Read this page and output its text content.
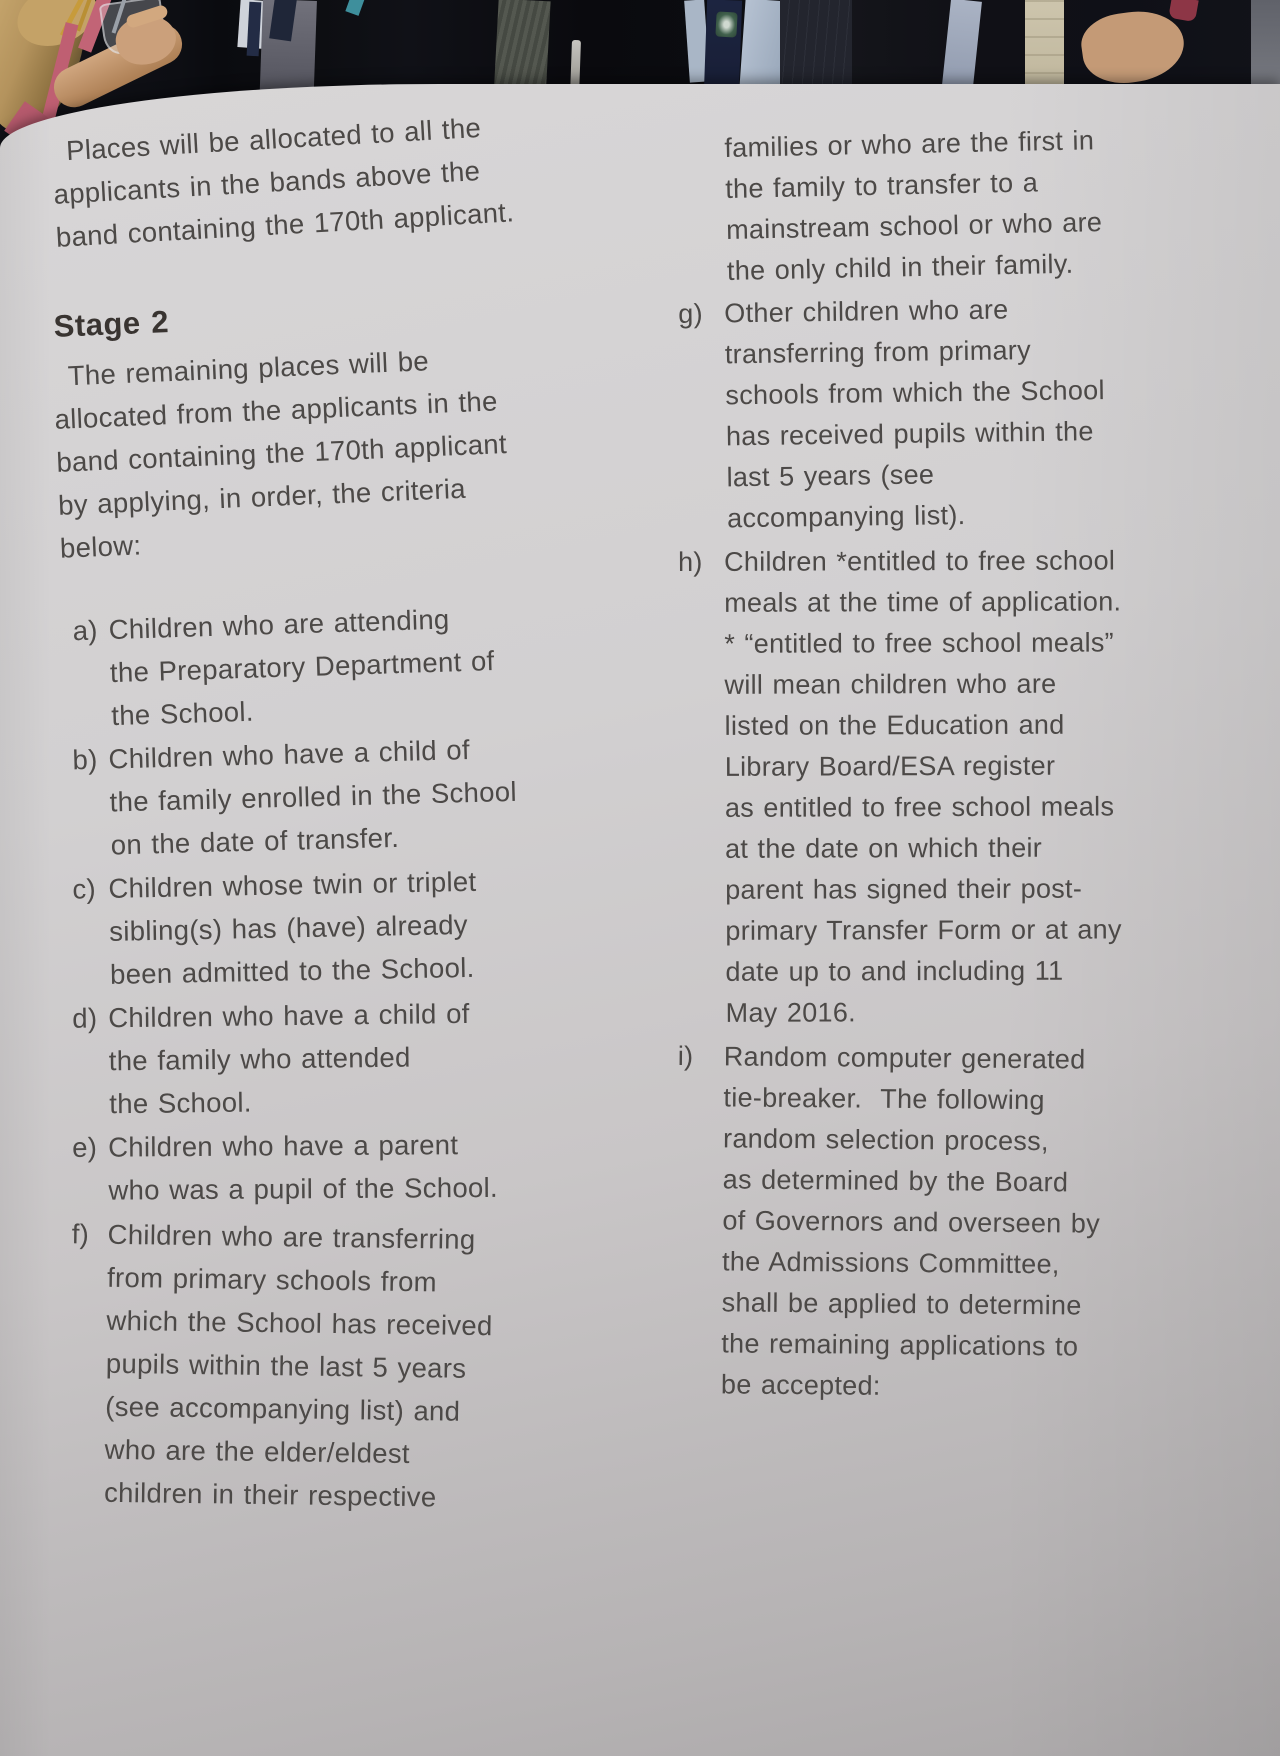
Places will be allocated to all the
applicants in the bands above the
band containing the 170th applicant.
Stage 2
The remaining places will be
allocated from the applicants in the
band containing the 170th applicant
by applying, in order, the criteria
below:
a) Children who are attending
the Preparatory Department of
the School.
b) Children who have a child of
the family enrolled in the School
on the date of transfer.
c) Children whose twin or triplet
sibling(s) has (have) already
been admitted to the School.
d) Children who have a child of
the family who attended
the School.
e) Children who have a parent
who was a pupil of the School.
f) Children who are transferring
from primary schools from
which the School has received
pupils within the last 5 years
(see accompanying list) and
who are the elder/eldest
children in their respective
families or who are the first in
the family to transfer to a
mainstream school or who are
the only child in their family.
g) Other children who are
transferring from primary
schools from which the School
has received pupils within the
last 5 years (see
accompanying list).
h) Children *entitled to free school
meals at the time of application.
* “entitled to free school meals”
will mean children who are
listed on the Education and
Library Board/ESA register
as entitled to free school meals
at the date on which their
parent has signed their post-
primary Transfer Form or at any
date up to and including 11
May 2016.
i)	Random computer generated
tie-breaker.  The following
random selection process,
as determined by the Board
of Governors and overseen by
the Admissions Committee,
shall be applied to determine
the remaining applications to
be accepted:
